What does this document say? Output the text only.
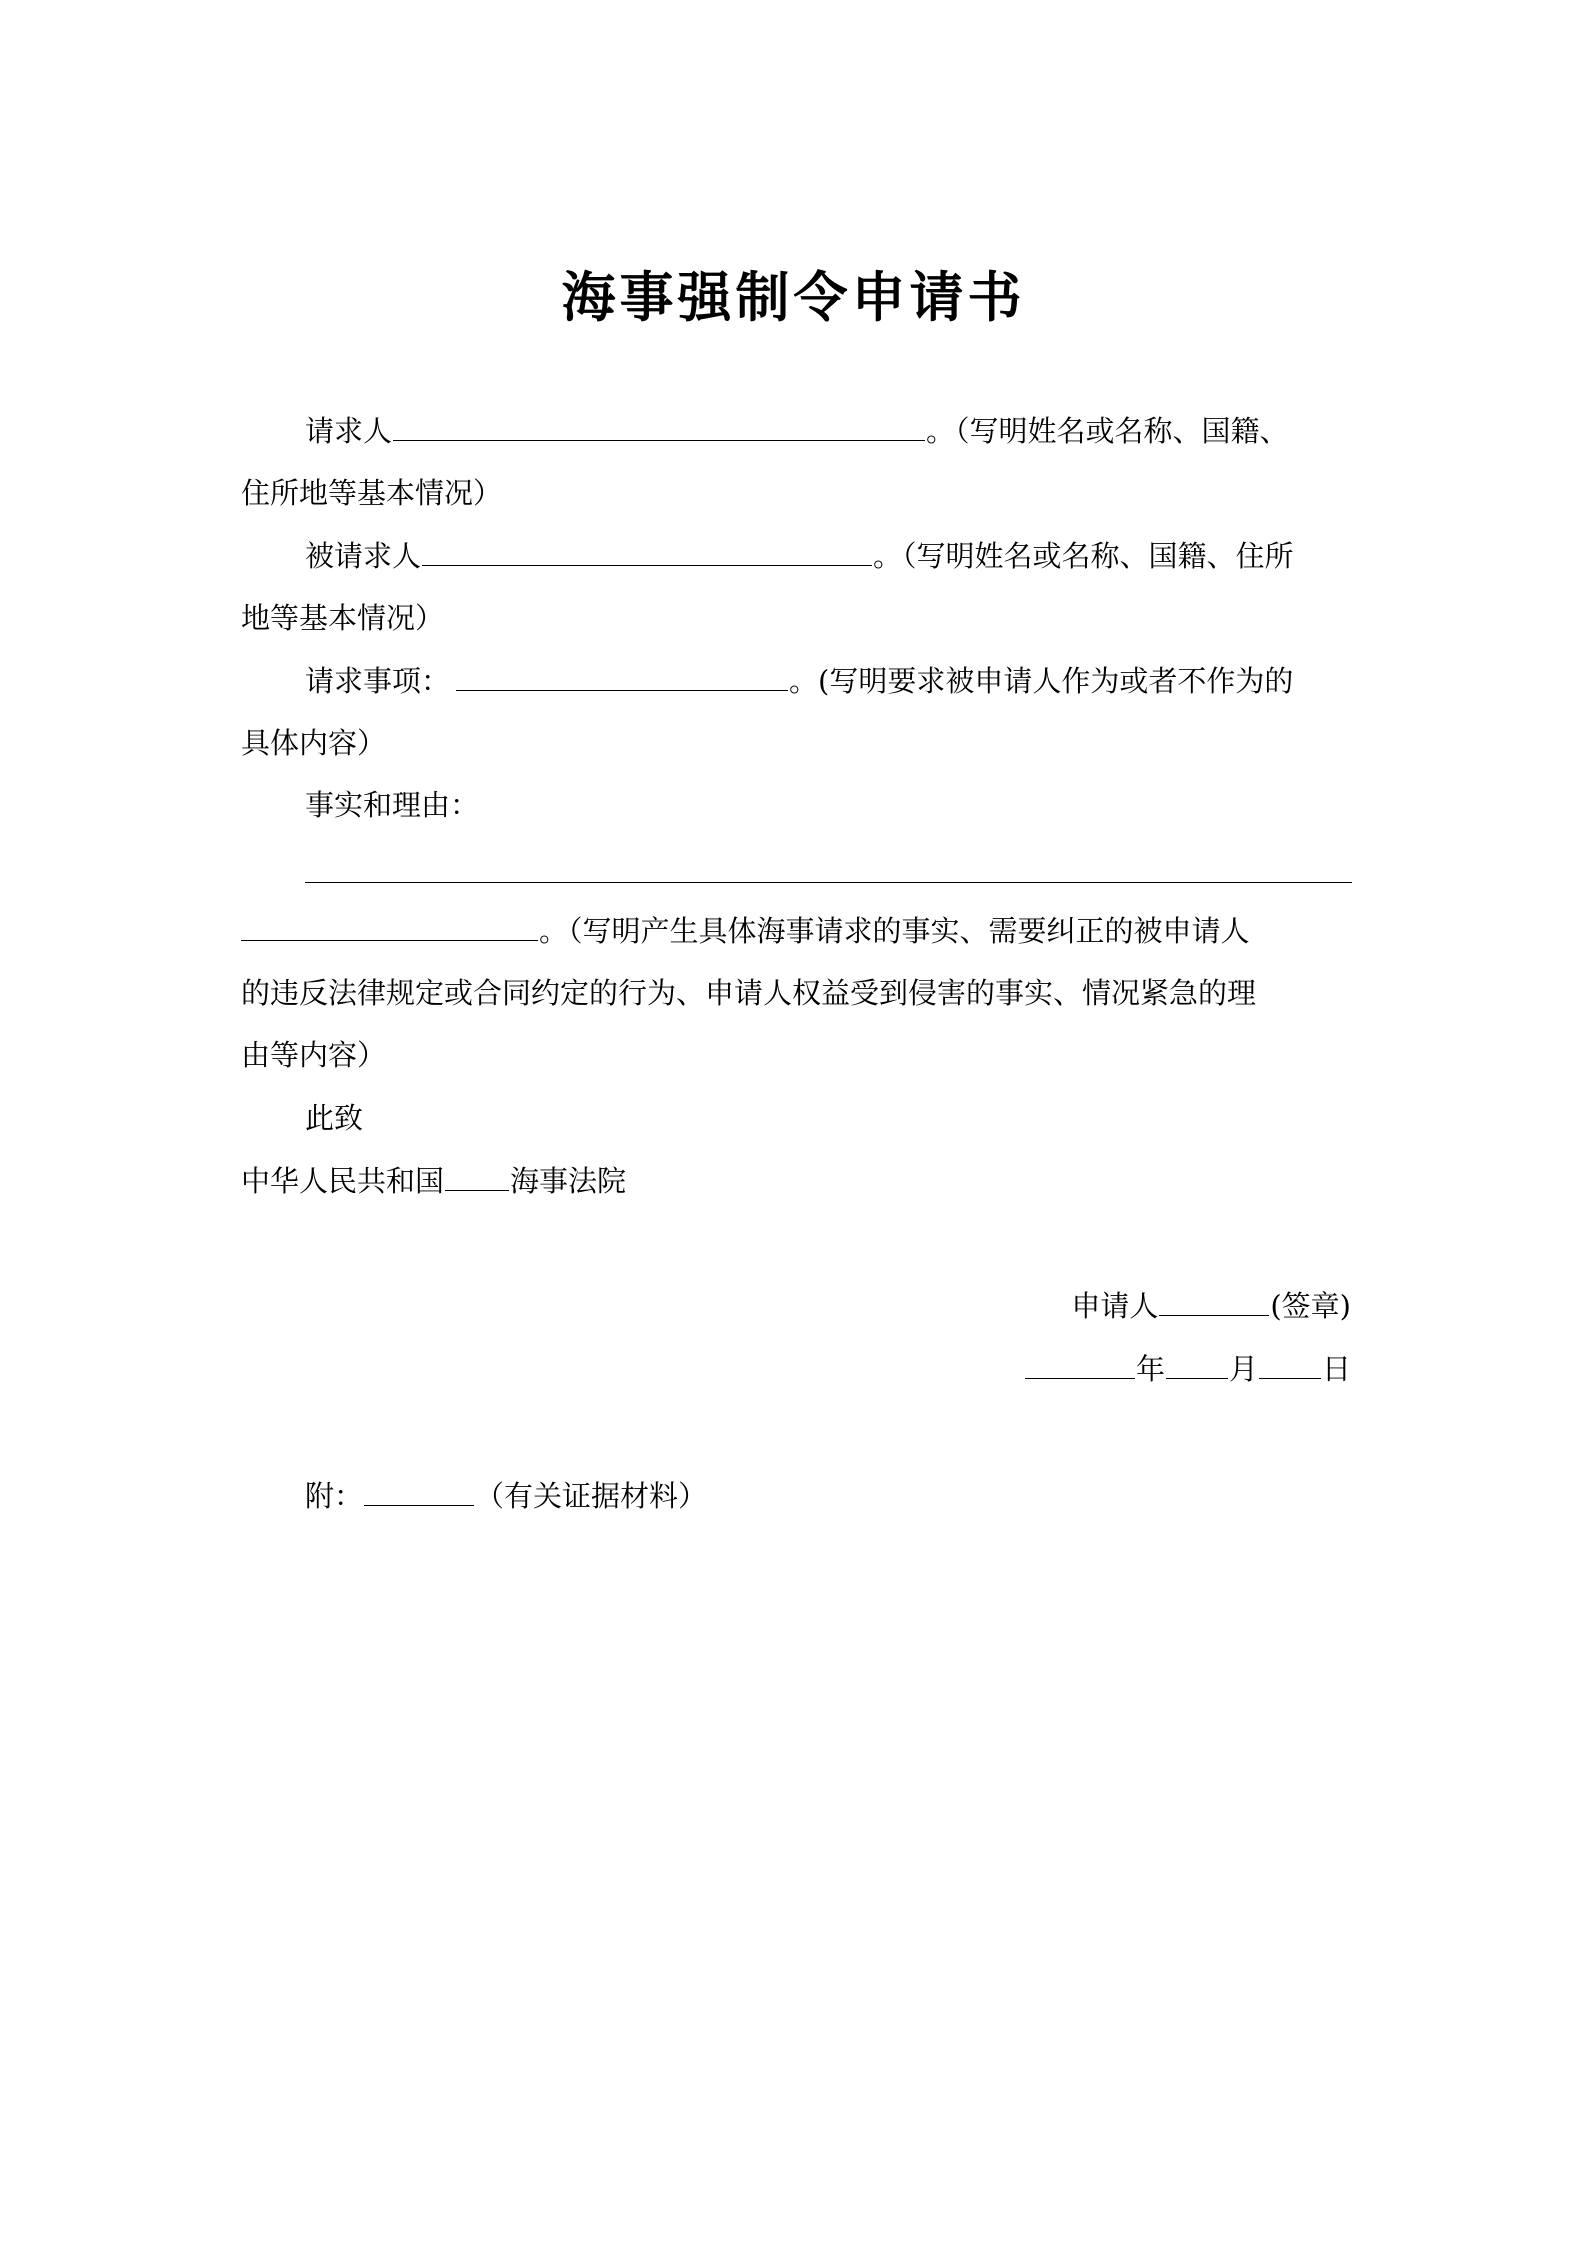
海事强制令申请书
请求人	。（写明姓名或名称、国籍、
住所地等基本情况）
被请求人	。（写明姓名或名称、国籍、住所
地等基本情况）
请求事项：	。(写明要求被申请人作为或者不作为的
具体内容）
事实和理由：
。（写明产生具体海事请求的事实、需要纠正的被申请人
的违反法律规定或合同约定的行为、申请人权益受到侵害的事实、情况紧急的理
由等内容）
此致
中华人民共和国 海事法院
申请人	(签章)
年 月 日
附：	（有关证据材料）
